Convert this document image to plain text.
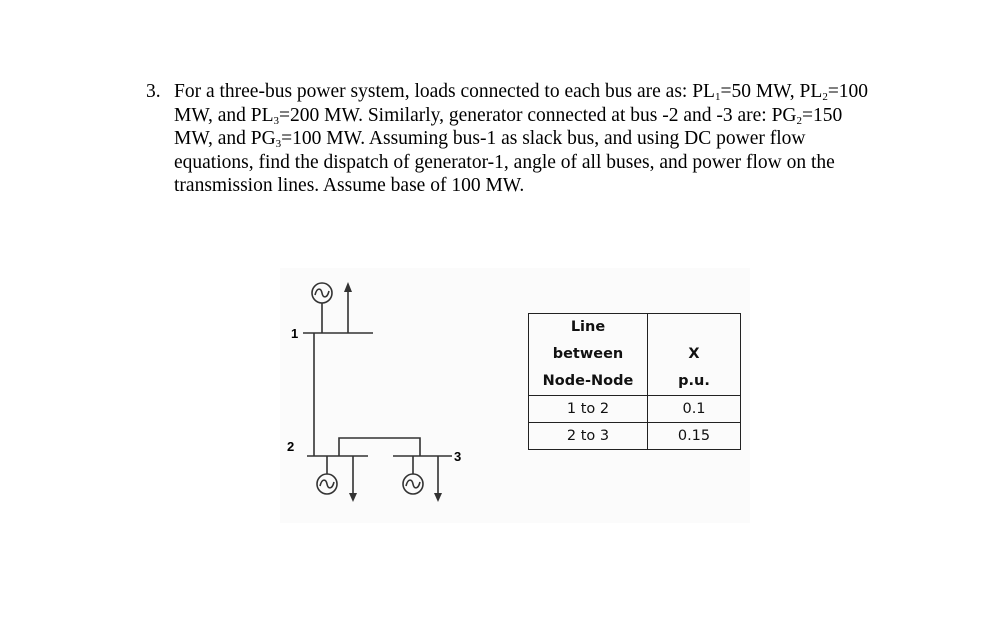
3. For a three-bus power system, loads connected to each bus are as: $PL_1=50$ MW, $PL_2=100$
MW, and $PL_3=200$ MW. Similarly, generator connected at bus -2 and -3 are: $PG_2=150$
MW, and $PG_3=100$ MW. Assuming bus-1 as slack bus, and using DC power flow
equations, find the dispatch of generator-1, angle of all buses, and power flow on the
transmission lines. Assume base of 100 MW.
1
2
3
Line
between
Node-Node	X
p.u.

1 to 2	0.1
2 to 3	0.15
